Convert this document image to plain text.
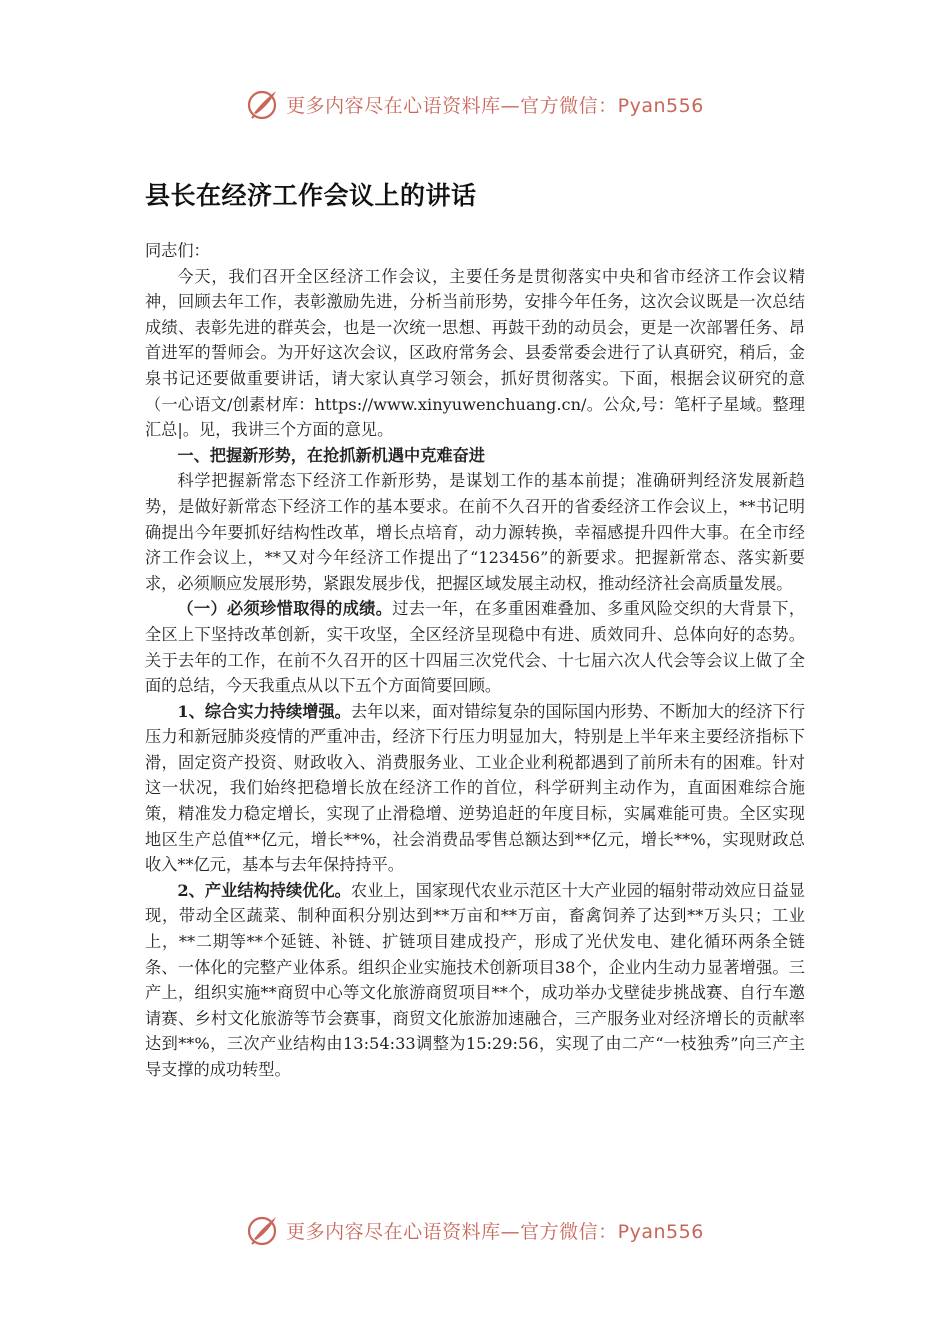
更多内容尽在心语资料库—官方微信：Pyan556
县长在经济工作会议上的讲话

同志们：

今天，我们召开全区经济工作会议，主要任务是贯彻落实中央和省市经济工作会议精神，回顾去年工作，表彰激励先进，分析当前形势，安排今年任务，这次会议既是一次总结成绩、表彰先进的群英会，也是一次统一思想、再鼓干劲的动员会，更是一次部署任务、昂首进军的誓师会。为开好这次会议，区政府常务会、县委常委会进行了认真研究，稍后，金泉书记还要做重要讲话，请大家认真学习领会，抓好贯彻落实。下面，根据会议研究的意（一心语文/创素材库：https://www.xinyuwenchuang.cn/。公众,号：笔杆子星域。整理汇总|。见，我讲三个方面的意见。

一、把握新形势，在抢抓新机遇中克难奋进

科学把握新常态下经济工作新形势，是谋划工作的基本前提；准确研判经济发展新趋势，是做好新常态下经济工作的基本要求。在前不久召开的省委经济工作会议上，**书记明确提出今年要抓好结构性改革，增长点培育，动力源转换，幸福感提升四件大事。在全市经济工作会议上，**又对今年经济工作提出了“123456”的新要求。把握新常态、落实新要求，必须顺应发展形势，紧跟发展步伐，把握区域发展主动权，推动经济社会高质量发展。

（一）必须珍惜取得的成绩。过去一年，在多重困难叠加、多重风险交织的大背景下，全区上下坚持改革创新，实干攻坚，全区经济呈现稳中有进、质效同升、总体向好的态势。关于去年的工作，在前不久召开的区十四届三次党代会、十七届六次人代会等会议上做了全面的总结，今天我重点从以下五个方面简要回顾。

1、综合实力持续增强。去年以来，面对错综复杂的国际国内形势、不断加大的经济下行压力和新冠肺炎疫情的严重冲击，经济下行压力明显加大，特别是上半年来主要经济指标下滑，固定资产投资、财政收入、消费服务业、工业企业利税都遇到了前所未有的困难。针对这一状况，我们始终把稳增长放在经济工作的首位，科学研判主动作为，直面困难综合施策，精准发力稳定增长，实现了止滑稳增、逆势追赶的年度目标，实属难能可贵。全区实现地区生产总值**亿元，增长**%，社会消费品零售总额达到**亿元，增长**%，实现财政总收入**亿元，基本与去年保持持平。

2、产业结构持续优化。农业上，国家现代农业示范区十大产业园的辐射带动效应日益显现，带动全区蔬菜、制种面积分别达到**万亩和**万亩，畜禽饲养了达到**万头只；工业上，**二期等**个延链、补链、扩链项目建成投产，形成了光伏发电、建化循环两条全链条、一体化的完整产业体系。组织企业实施技术创新项目38个，企业内生动力显著增强。三产上，组织实施**商贸中心等文化旅游商贸项目**个，成功举办戈壁徒步挑战赛、自行车邀请赛、乡村文化旅游等节会赛事，商贸文化旅游加速融合，三产服务业对经济增长的贡献率达到**%，三次产业结构由13:54:33调整为15:29:56，实现了由二产“一枝独秀”向三产主导支撑的成功转型。

更多内容尽在心语资料库—官方微信：Pyan556
